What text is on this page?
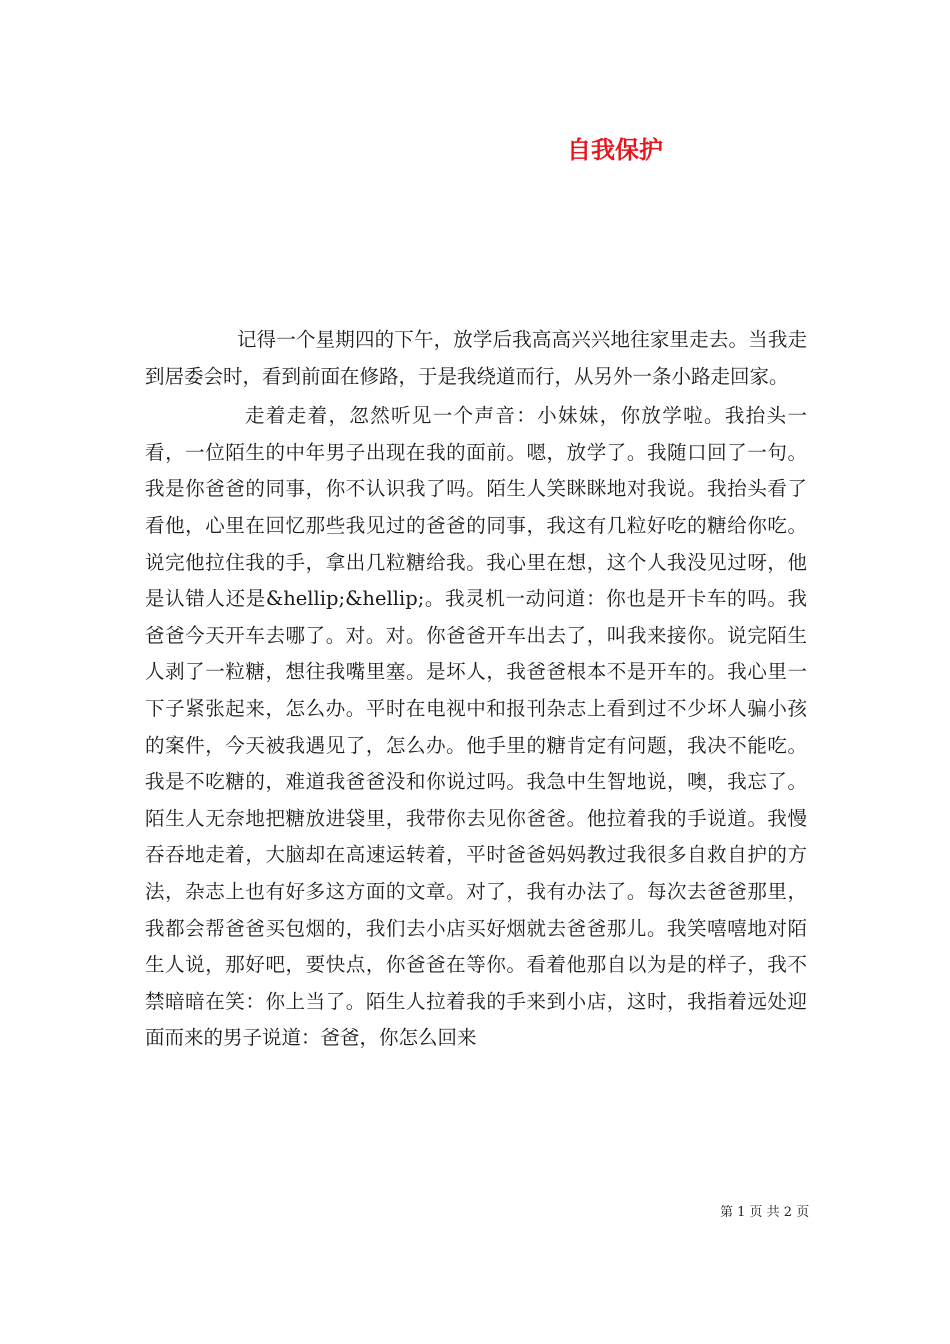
自我保护

记得一个星期四的下午，放学后我高高兴兴地往家里走去。当我走到居委会时，看到前面在修路，于是我绕道而行，从另外一条小路走回家。

走着走着，忽然听见一个声音：小妹妹，你放学啦。我抬头一看，一位陌生的中年男子出现在我的面前。嗯，放学了。我随口回了一句。我是你爸爸的同事，你不认识我了吗。陌生人笑眯眯地对我说。我抬头看了看他，心里在回忆那些我见过的爸爸的同事，我这有几粒好吃的糖给你吃。说完他拉住我的手，拿出几粒糖给我。我心里在想，这个人我没见过呀，他是认错人还是&hellip;&hellip;。我灵机一动问道：你也是开卡车的吗。我爸爸今天开车去哪了。对。对。你爸爸开车出去了，叫我来接你。说完陌生人剥了一粒糖，想往我嘴里塞。是坏人，我爸爸根本不是开车的。我心里一下子紧张起来，怎么办。平时在电视中和报刊杂志上看到过不少坏人骗小孩的案件，今天被我遇见了，怎么办。他手里的糖肯定有问题，我决不能吃。我是不吃糖的，难道我爸爸没和你说过吗。我急中生智地说，噢，我忘了。陌生人无奈地把糖放进袋里，我带你去见你爸爸。他拉着我的手说道。我慢吞吞地走着，大脑却在高速运转着，平时爸爸妈妈教过我很多自救自护的方法，杂志上也有好多这方面的文章。对了，我有办法了。每次去爸爸那里，我都会帮爸爸买包烟的，我们去小店买好烟就去爸爸那儿。我笑嘻嘻地对陌生人说，那好吧，要快点，你爸爸在等你。看着他那自以为是的样子，我不禁暗暗在笑：你上当了。陌生人拉着我的手来到小店，这时，我指着远处迎面而来的男子说道：爸爸，你怎么回来

第 1 页 共 2 页
